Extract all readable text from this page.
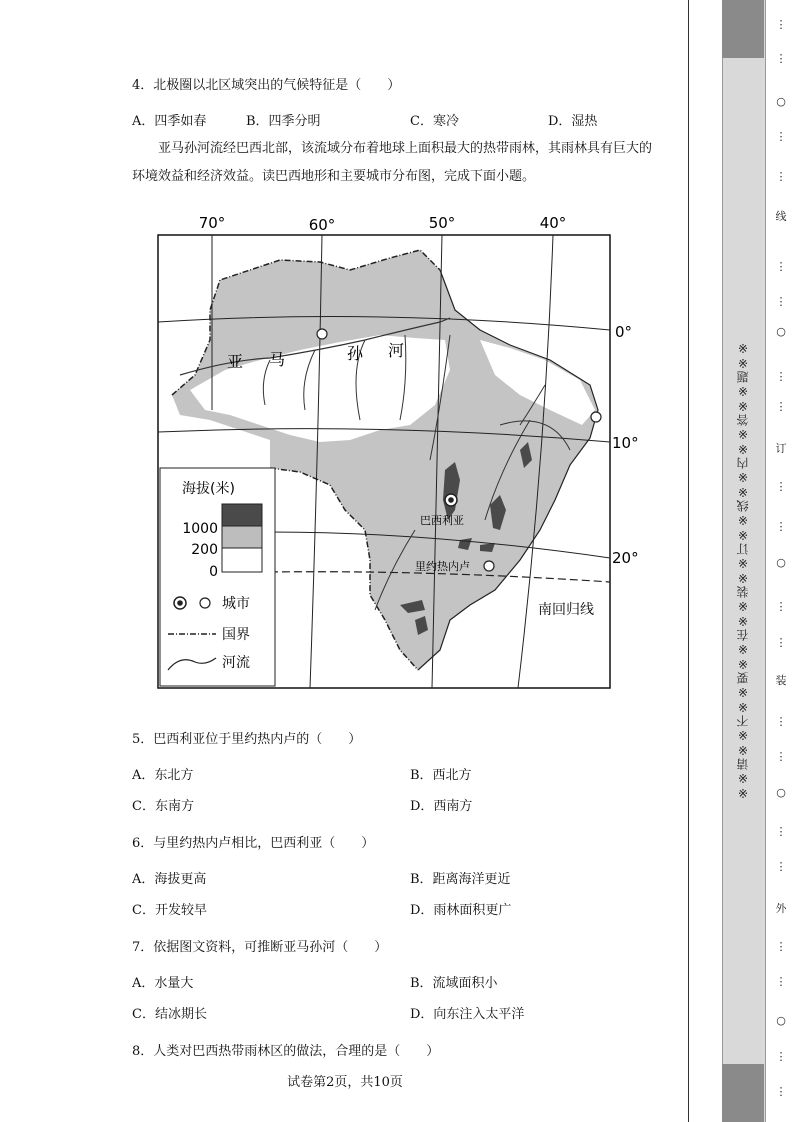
4．北极圈以北区域突出的气候特征是（　　）
A．四季如春	B．四季分明	C．寒冷	D．湿热
亚马孙河流经巴西北部，该流域分布着地球上面积最大的热带雨林，其雨林具有巨大的环境效益和经济效益。读巴西地形和主要城市分布图，完成下面小题。
70°	60°	50°	40°
亚 马	孙 河
0°
10°
20°
巴西利亚
里约热内卢
南回归线
海拔(米)
1000
200
0
城市
国界
河流
5．巴西利亚位于里约热内卢的（　　）
A．东北方	B．西北方
C．东南方	D．西南方
6．与里约热内卢相比，巴西利亚（　　）
A．海拔更高	B．距离海洋更近
C．开发较早	D．雨林面积更广
7．依据图文资料，可推断亚马孙河（　　）
A．水量大	B．流域面积小
C．结冰期长	D．向东注入太平洋
8．人类对巴西热带雨林区的做法，合理的是（　　）
试卷第2页，共10页
※※请※※不※※要※※在※※装※※订※※线※※内※※答※※题※※
⋮
⋮
○
⋮
⋮
线
⋮
⋮
○
⋮
⋮
订
⋮
⋮
○
⋮
⋮
装
⋮
⋮
○
⋮
⋮
外
⋮
⋮
○
⋮
⋮
